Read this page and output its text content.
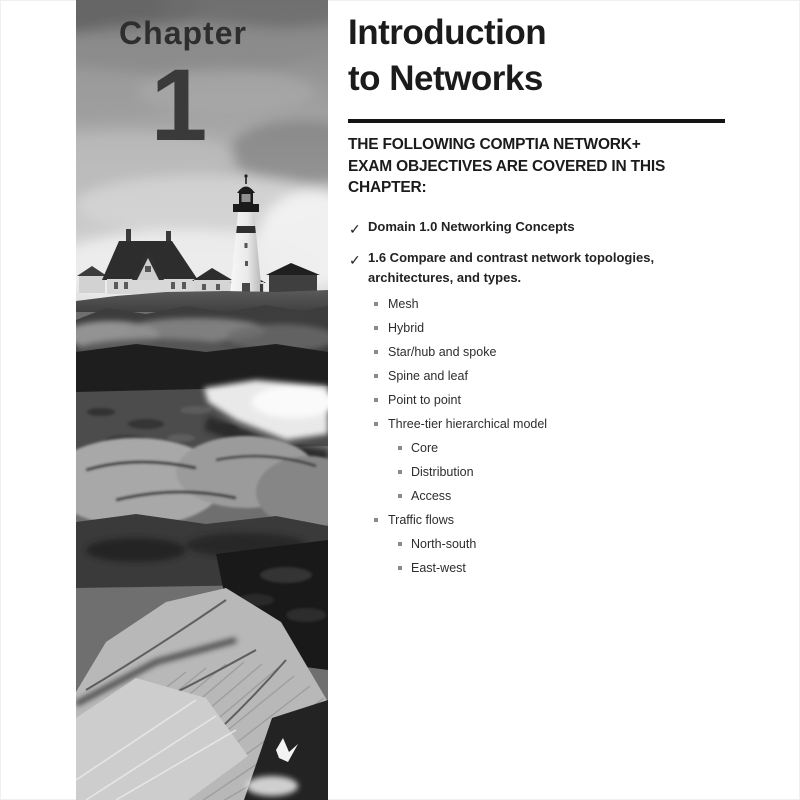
Chapter
1
Introduction
to Networks
THE FOLLOWING COMPTIA NETWORK+
EXAM OBJECTIVES ARE COVERED IN THIS
CHAPTER:
✓ Domain 1.0 Networking Concepts
✓ 1.6 Compare and contrast network topologies, architectures, and types.
Mesh
Hybrid
Star/hub and spoke
Spine and leaf
Point to point
Three-tier hierarchical model
Core
Distribution
Access
Traffic flows
North-south
East-west
